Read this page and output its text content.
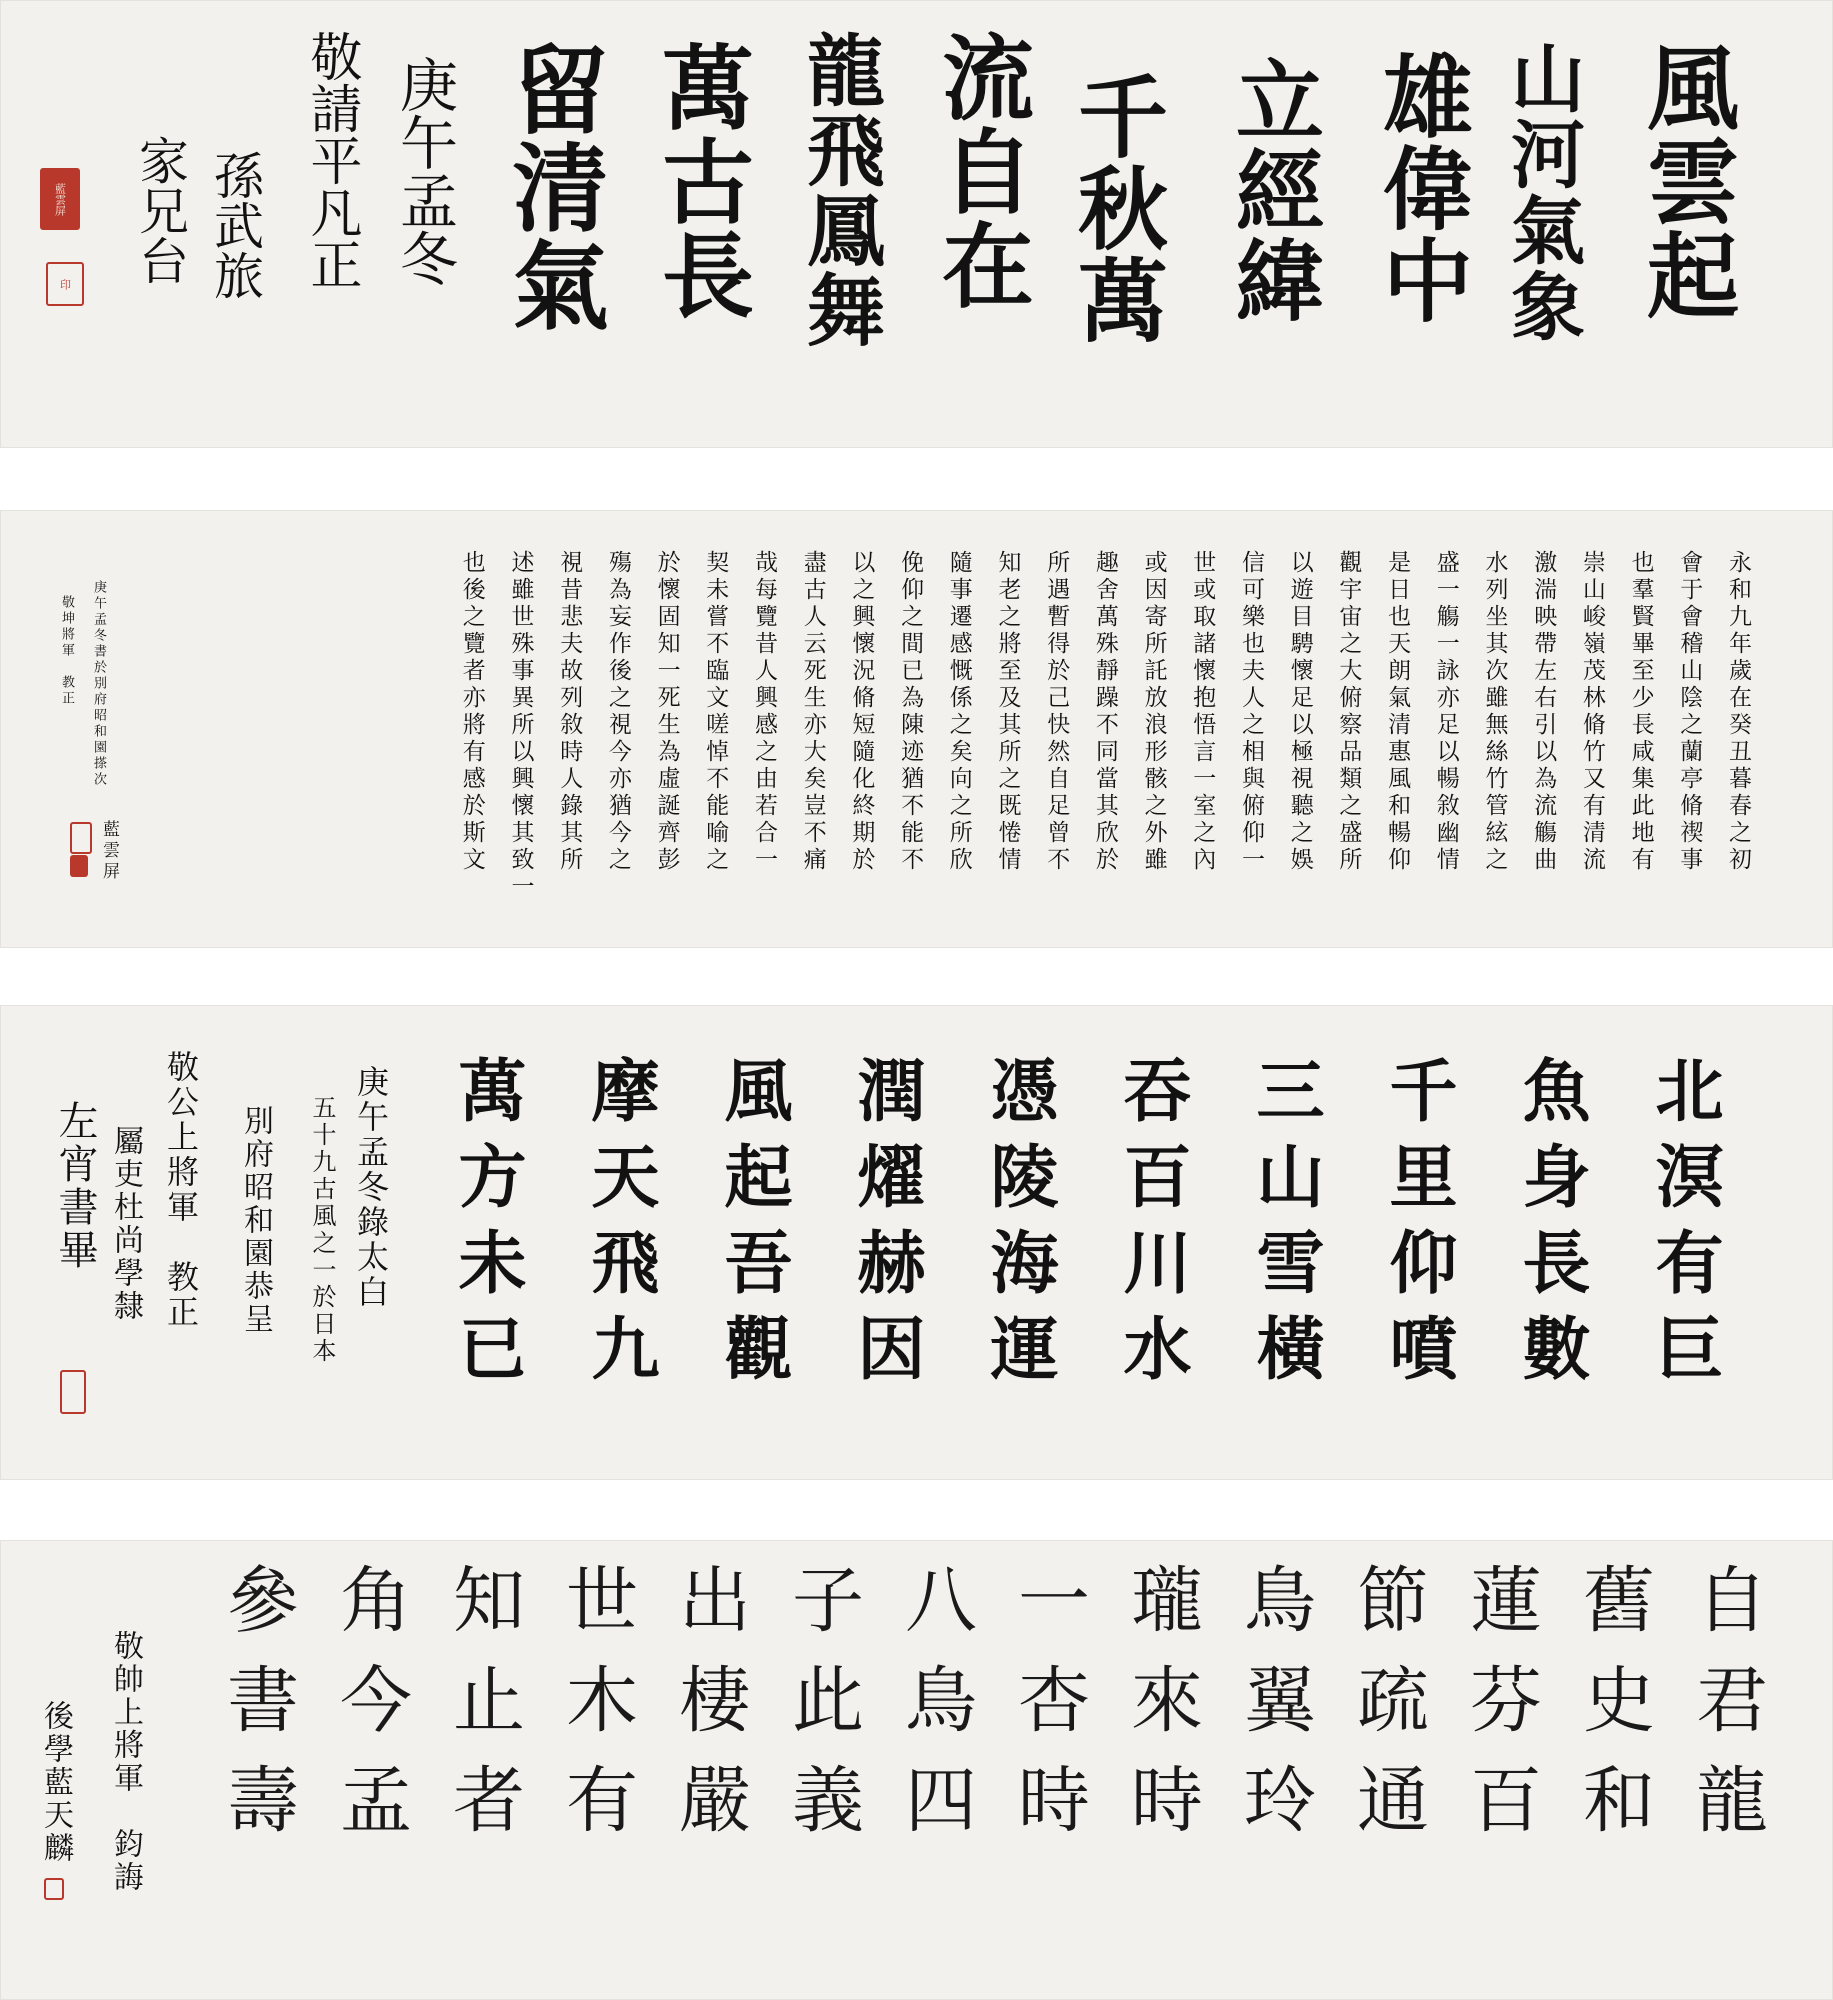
風雲起
山河氣象
雄偉中
立經緯
千秋萬
流自在
龍飛鳳舞
萬古長
留清氣
庚午孟冬
敬請平凡正
孫武旅
家兄台
藍雲屏
印
永和九年歲在癸丑暮春之初
會于會稽山陰之蘭亭脩禊事
也羣賢畢至少長咸集此地有
崇山峻嶺茂林脩竹又有清流
激湍映帶左右引以為流觴曲
水列坐其次雖無絲竹管絃之
盛一觴一詠亦足以暢敘幽情
是日也天朗氣清惠風和暢仰
觀宇宙之大俯察品類之盛所
以遊目騁懷足以極視聽之娛
信可樂也夫人之相與俯仰一
世或取諸懷抱悟言一室之內
或因寄所託放浪形骸之外雖
趣舍萬殊靜躁不同當其欣於
所遇暫得於己快然自足曾不
知老之將至及其所之既惓情
隨事遷感慨係之矣向之所欣
俛仰之間已為陳迹猶不能不
以之興懷況脩短隨化終期於
盡古人云死生亦大矣豈不痛
哉每覽昔人興感之由若合一
契未嘗不臨文嗟悼不能喻之
於懷固知一死生為虛誕齊彭
殤為妄作後之視今亦猶今之
視昔悲夫故列敘時人錄其所
述雖世殊事異所以興懷其致一
也後之覽者亦將有感於斯文
庚午孟冬書於別府昭和園搽次
敬坤將軍　教正
藍雲屏
北溟有巨
魚身長數
千里仰噴
三山雪橫
吞百川水
憑陵海運
潤燿赫因
風起吾觀
摩天飛九
萬方未已
庚午孟冬錄太白
五十九古風之一於日本
別府昭和園恭呈
敬公上將軍　教正
屬吏杜尚學隸
左宵書畢
自君龍
舊史和
蓮芬百
節疏通
鳥翼玲
瓏來時
一杏時
八鳥四
子此義
出棲嚴
世木有
知止者
角今孟
參書壽
敬帥上將軍　鈞誨
後學藍天麟
